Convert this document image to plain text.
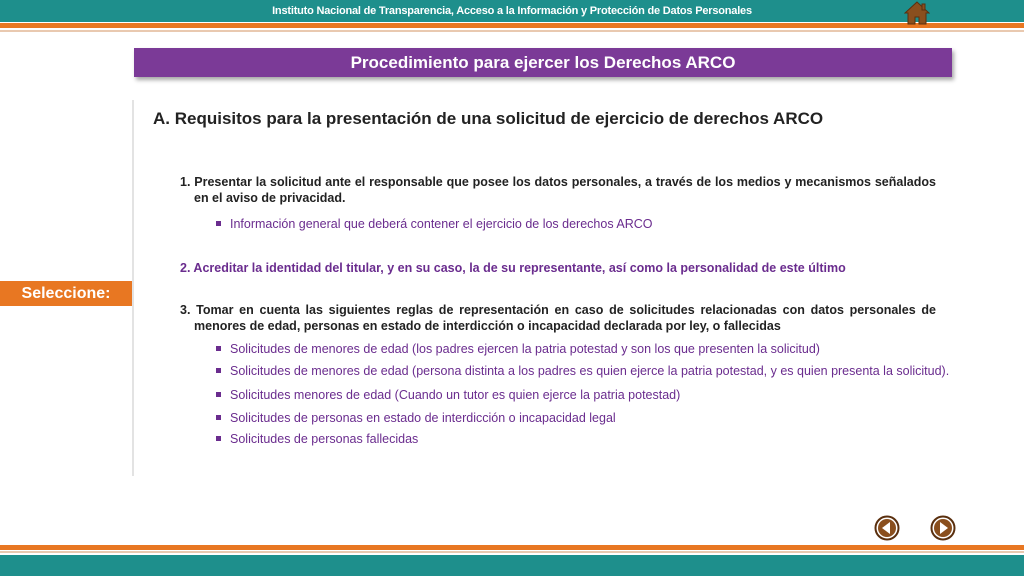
Instituto Nacional de Transparencia, Acceso a la Información y Protección de Datos Personales
Procedimiento para ejercer los Derechos ARCO
Seleccione:
A. Requisitos para la presentación de una solicitud de ejercicio de derechos ARCO
1. Presentar la solicitud ante el responsable que posee los datos personales, a través de los medios y mecanismos señalados en el aviso de privacidad.
Información general que deberá contener el ejercicio de los derechos ARCO
2. Acreditar la identidad del titular, y en su caso, la de su representante, así como la personalidad de este último
3. Tomar en cuenta las siguientes reglas de representación en caso de solicitudes relacionadas con datos personales de menores de edad, personas en estado de interdicción o incapacidad declarada por ley, o fallecidas
Solicitudes de menores de edad (los padres ejercen la patria potestad y son los que presenten la solicitud)
Solicitudes de menores de edad (persona distinta a los padres es quien ejerce la patria potestad, y es quien presenta la solicitud).
Solicitudes menores de edad (Cuando un tutor es quien ejerce la patria potestad)
Solicitudes de personas en estado de interdicción o incapacidad legal
Solicitudes de personas fallecidas
